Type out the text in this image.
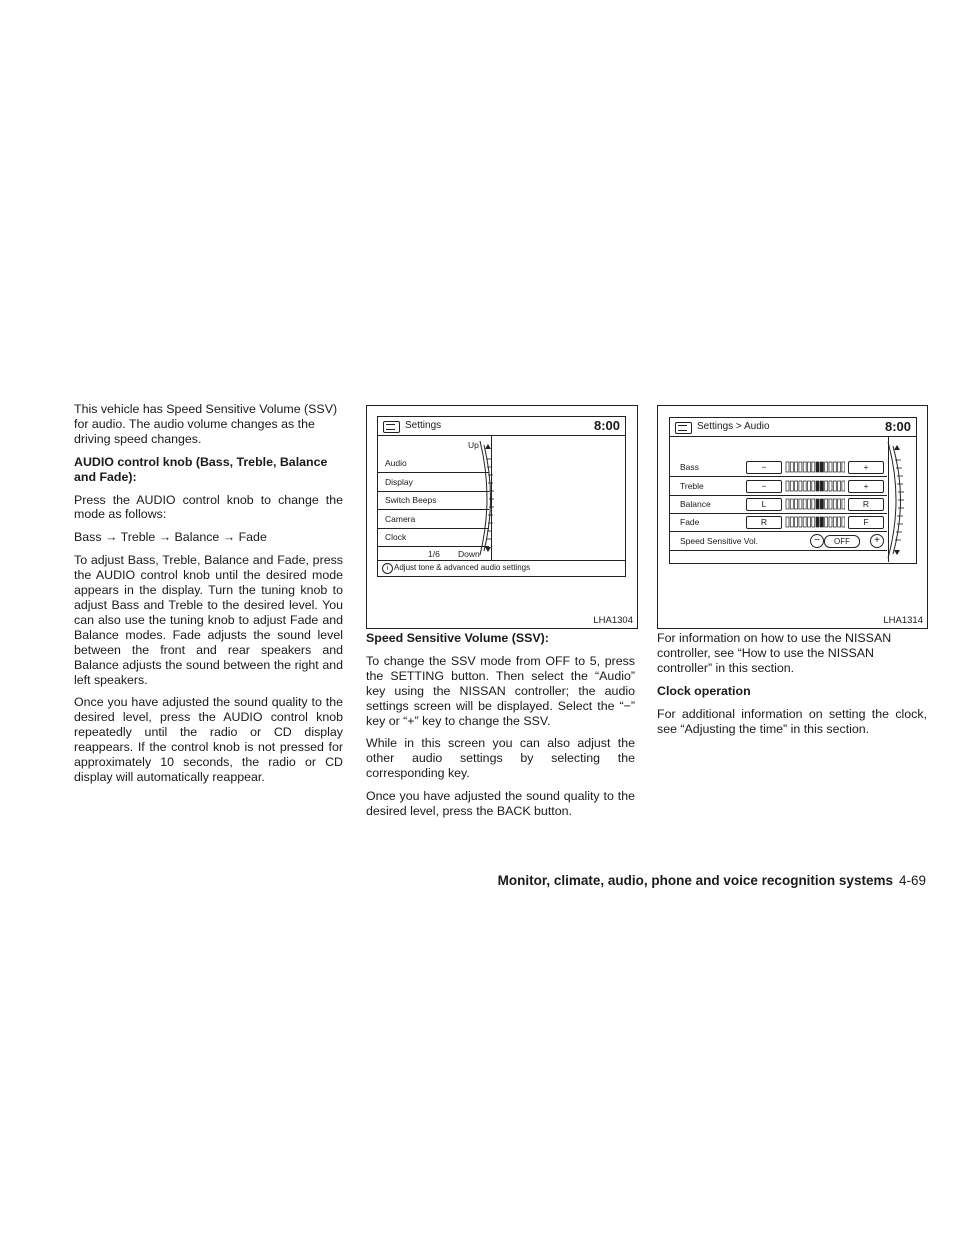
This vehicle has Speed Sensitive Volume (SSV) for audio. The audio volume changes as the driving speed changes.

AUDIO control knob (Bass, Treble, Balance and Fade):

Press the AUDIO control knob to change the mode as follows:

Bass → Treble → Balance → Fade

To adjust Bass, Treble, Balance and Fade, press the AUDIO control knob until the desired mode appears in the display. Turn the tuning knob to adjust Bass and Treble to the desired level. You can also use the tuning knob to adjust Fade and Balance modes. Fade adjusts the sound level between the front and rear speakers and Balance adjusts the sound between the right and left speakers.

Once you have adjusted the sound quality to the desired level, press the AUDIO control knob repeatedly until the radio or CD display reappears. If the control knob is not pressed for approximately 10 seconds, the radio or CD display will automatically reappear.

Settings	8:00
Up
Audio
Display
Switch Beeps
Camera
Clock
1/6 Down
i Adjust tone & advanced audio settings
LHA1304
Settings > Audio	8:00
Bass	−	+
Treble	−	+
Balance	L	R
Fade	R	F
Speed Sensitive Vol.	−	OFF	+
LHA1314
Speed Sensitive Volume (SSV):

To change the SSV mode from OFF to 5, press the SETTING button. Then select the “Audio” key using the NISSAN controller; the audio settings screen will be displayed. Select the “−” key or “+” key to change the SSV.

While in this screen you can also adjust the other audio settings by selecting the corresponding key.

Once you have adjusted the sound quality to the desired level, press the BACK button.

For information on how to use the NISSAN controller, see “How to use the NISSAN controller” in this section.

Clock operation

For additional information on setting the clock, see “Adjusting the time” in this section.

Monitor, climate, audio, phone and voice recognition systems 4-69
